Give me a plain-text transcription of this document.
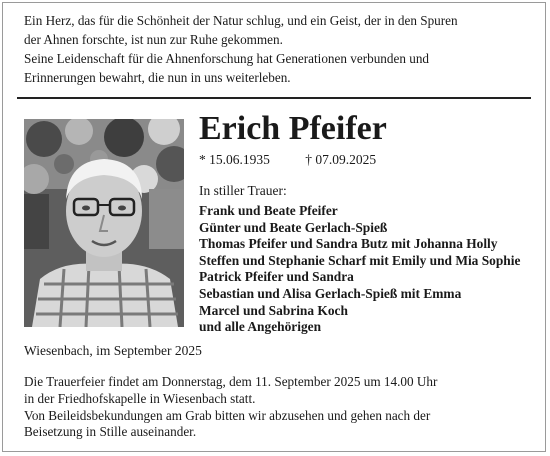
Ein Herz, das für die Schönheit der Natur schlug, und ein Geist, der in den Spuren
der Ahnen forschte, ist nun zur Ruhe gekommen.
Seine Leidenschaft für die Ahnenforschung hat Generationen verbunden und
Erinnerungen bewahrt, die nun in uns weiterleben.
Erich Pfeifer
* 15.06.1935	† 07.09.2025
In stiller Trauer:
Frank und Beate Pfeifer
Günter und Beate Gerlach-Spieß
Thomas Pfeifer und Sandra Butz mit Johanna Holly
Steffen und Stephanie Scharf mit Emily und Mia Sophie
Patrick Pfeifer und Sandra
Sebastian und Alisa Gerlach-Spieß mit Emma
Marcel und Sabrina Koch
und alle Angehörigen
Wiesenbach, im September 2025
Die Trauerfeier findet am Donnerstag, dem 11. September 2025 um 14.00 Uhr
in der Friedhofskapelle in Wiesenbach statt.
Von Beileidsbekundungen am Grab bitten wir abzusehen und gehen nach der
Beisetzung in Stille auseinander.
